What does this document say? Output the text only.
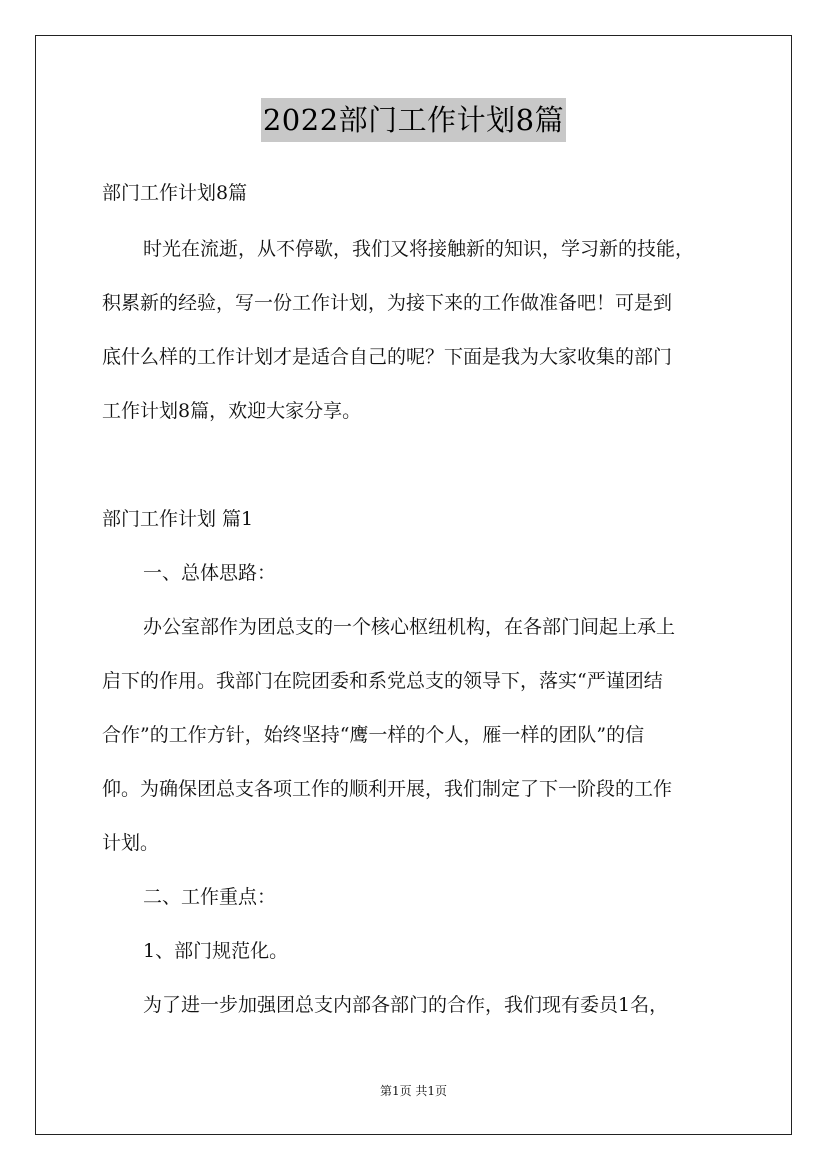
2022部门工作计划8篇
部门工作计划8篇
时光在流逝，从不停歇，我们又将接触新的知识，学习新的技能，
积累新的经验，写一份工作计划，为接下来的工作做准备吧！可是到
底什么样的工作计划才是适合自己的呢？下面是我为大家收集的部门
工作计划8篇，欢迎大家分享。
部门工作计划 篇1
一、总体思路：
办公室部作为团总支的一个核心枢纽机构，在各部门间起上承上
启下的作用。我部门在院团委和系党总支的领导下，落实“严谨团结
合作”的工作方针，始终坚持“鹰一样的个人，雁一样的团队”的信
仰。为确保团总支各项工作的顺利开展，我们制定了下一阶段的工作
计划。
二、工作重点：
1、部门规范化。
为了进一步加强团总支内部各部门的合作，我们现有委员1名，
第1页 共1页
